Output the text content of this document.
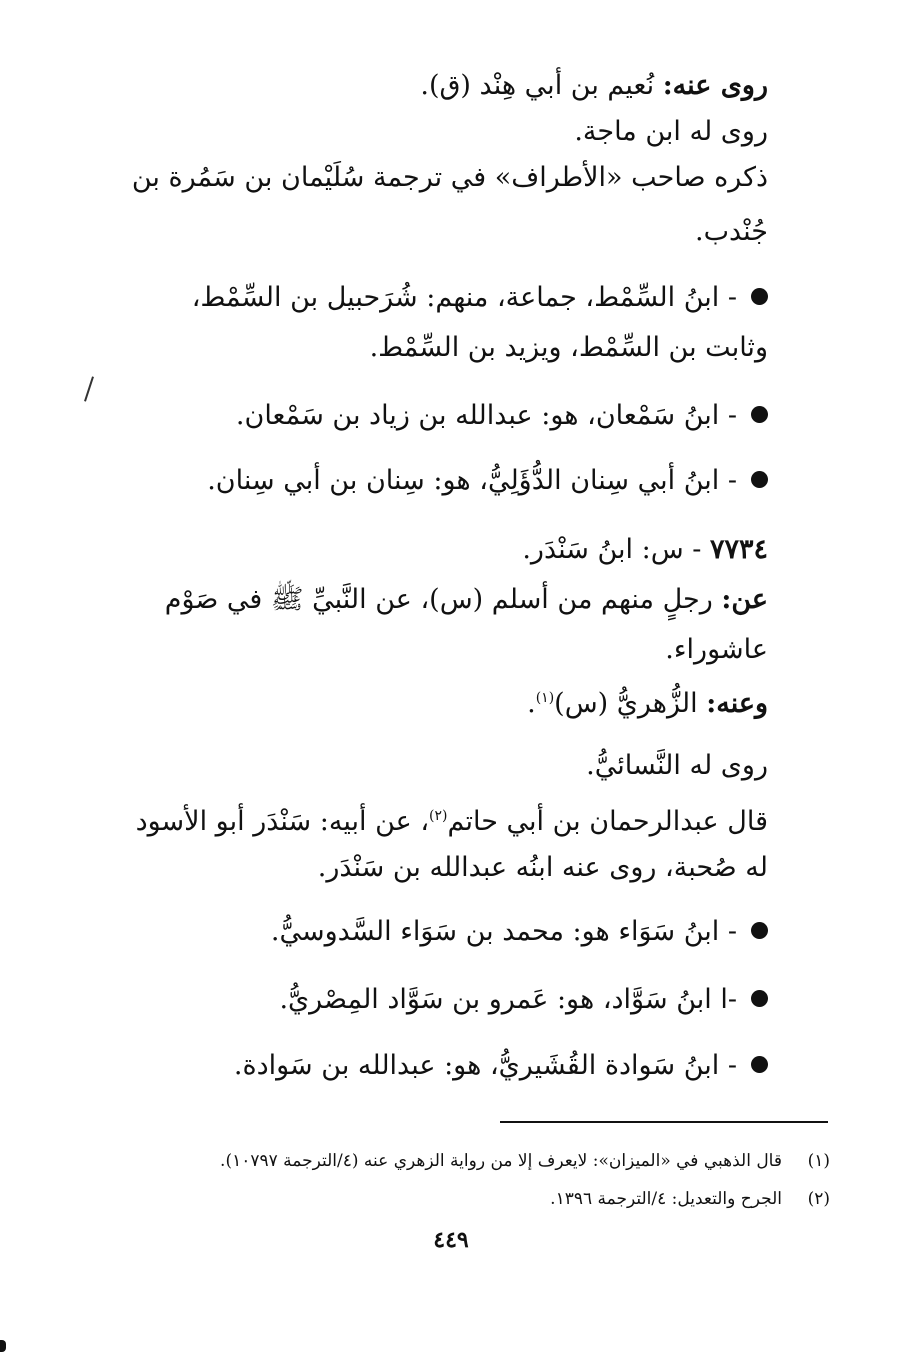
روى عنه: نُعيم بن أبي هِنْد (ق).
روى له ابن ماجة.
ذكره صاحب «الأطراف» في ترجمة سُلَيْمان بن سَمُرة بن
جُنْدب.
- ابنُ السِّمْط، جماعة، منهم: شُرَحبيل بن السِّمْط،
وثابت بن السِّمْط، ويزيد بن السِّمْط.
- ابنُ سَمْعان، هو: عبدالله بن زياد بن سَمْعان.
- ابنُ أبي سِنان الدُّؤَلِيُّ، هو: سِنان بن أبي سِنان.
٧٧٣٤ - س: ابنُ سَنْدَر.
عن: رجلٍ منهم من أسلم (س)، عن النَّبيِّ ﷺ في صَوْم
عاشوراء.
وعنه: الزُّهريُّ (س)$^{(١)}$.
روى له النَّسائيُّ.
قال عبدالرحمان بن أبي حاتم$^{(٢)}$، عن أبيه: سَنْدَر أبو الأسود
له صُحبة، روى عنه ابنُه عبدالله بن سَنْدَر.
- ابنُ سَوَاء هو: محمد بن سَوَاء السَّدوسيُّ.
-ا ابنُ سَوَّاد، هو: عَمرو بن سَوَّاد المِصْريُّ.
- ابنُ سَوادة القُشَيريُّ، هو: عبدالله بن سَوادة.
(١)قال الذهبي في «الميزان»: لايعرف إلا من رواية الزهري عنه (٤/الترجمة ١٠٧٩٧).
(٢)الجرح والتعديل: ٤/الترجمة ١٣٩٦.
٤٤٩
